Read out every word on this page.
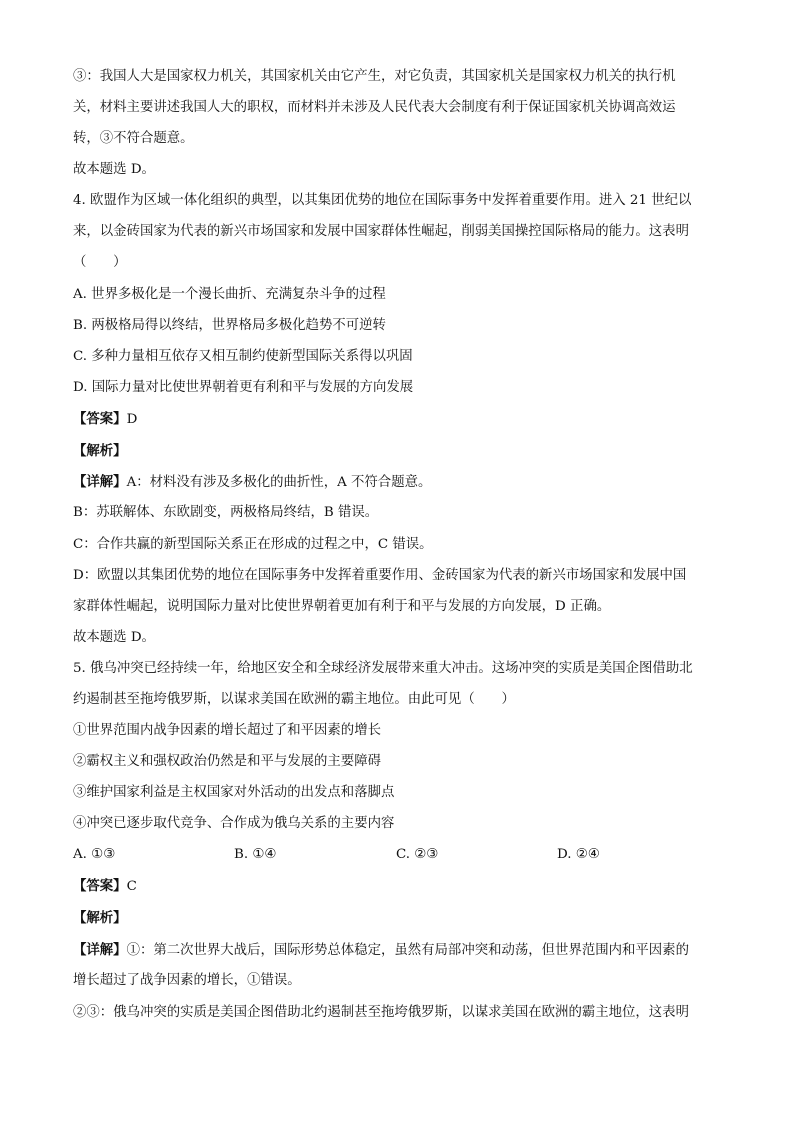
③：我国人大是国家权力机关，其国家机关由它产生，对它负责，其国家机关是国家权力机关的执行机
关，材料主要讲述我国人大的职权，而材料并未涉及人民代表大会制度有利于保证国家机关协调高效运
转，③不符合题意。
故本题选 D。
4. 欧盟作为区域一体化组织的典型，以其集团优势的地位在国际事务中发挥着重要作用。进入 21 世纪以
来，以金砖国家为代表的新兴市场国家和发展中国家群体性崛起，削弱美国操控国际格局的能力。这表明
（　　）
A. 世界多极化是一个漫长曲折、充满复杂斗争的过程
B. 两极格局得以终结，世界格局多极化趋势不可逆转
C. 多种力量相互依存又相互制约使新型国际关系得以巩固
D. 国际力量对比使世界朝着更有利和平与发展的方向发展
【答案】D
【解析】
【详解】A：材料没有涉及多极化的曲折性，A 不符合题意。
B：苏联解体、东欧剧变，两极格局终结，B 错误。
C：合作共赢的新型国际关系正在形成的过程之中，C 错误。
D：欧盟以其集团优势的地位在国际事务中发挥着重要作用、金砖国家为代表的新兴市场国家和发展中国
家群体性崛起，说明国际力量对比使世界朝着更加有利于和平与发展的方向发展，D 正确。
故本题选 D。
5. 俄乌冲突已经持续一年，给地区安全和全球经济发展带来重大冲击。这场冲突的实质是美国企图借助北
约遏制甚至拖垮俄罗斯，以谋求美国在欧洲的霸主地位。由此可见（　　）
①世界范围内战争因素的增长超过了和平因素的增长
②霸权主义和强权政治仍然是和平与发展的主要障碍
③维护国家利益是主权国家对外活动的出发点和落脚点
④冲突已逐步取代竞争、合作成为俄乌关系的主要内容
A. ①③	B. ①④	C. ②③	D. ②④
【答案】C
【解析】
【详解】①：第二次世界大战后，国际形势总体稳定，虽然有局部冲突和动荡，但世界范围内和平因素的
增长超过了战争因素的增长，①错误。
②③：俄乌冲突的实质是美国企图借助北约遏制甚至拖垮俄罗斯，以谋求美国在欧洲的霸主地位，这表明
